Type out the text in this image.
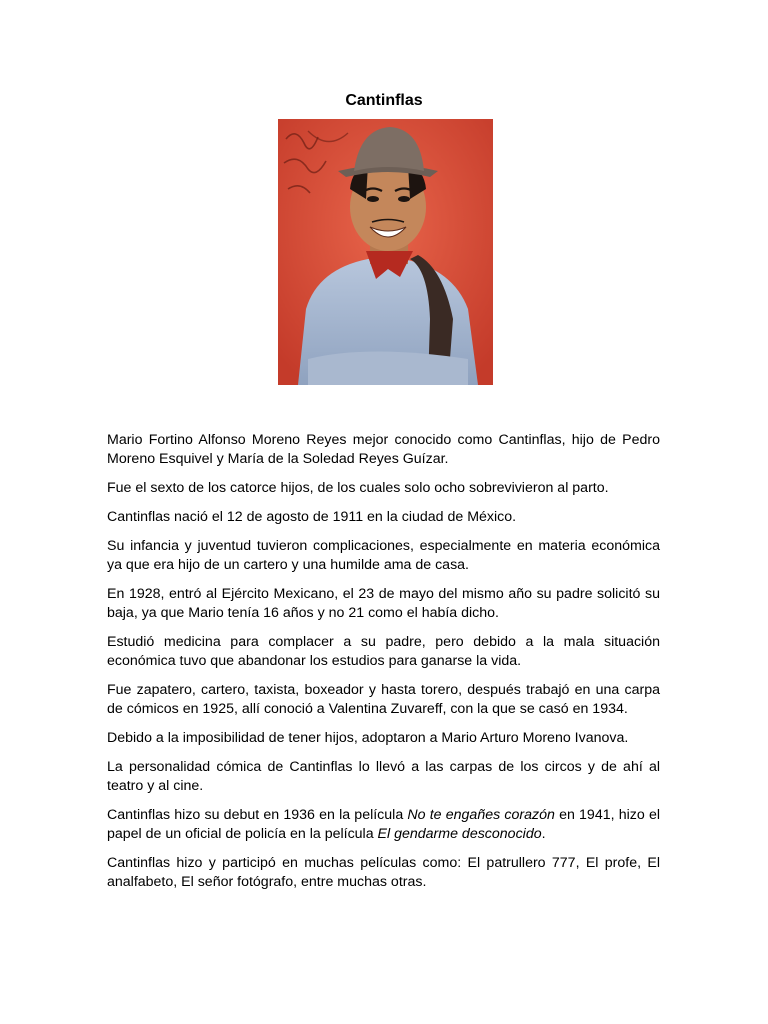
Cantinflas

Mario Fortino Alfonso Moreno Reyes mejor conocido como Cantinflas, hijo de Pedro Moreno Esquivel y María de la Soledad Reyes Guízar.

Fue el sexto de los catorce hijos, de los cuales solo ocho sobrevivieron al parto.

Cantinflas nació el 12 de agosto de 1911 en la ciudad de México.

Su infancia y juventud tuvieron complicaciones, especialmente en materia económica ya que era hijo de un cartero y una humilde ama de casa.

En 1928, entró al Ejército Mexicano, el 23 de mayo del mismo año su padre solicitó su baja, ya que Mario tenía 16 años y no 21 como el había dicho.

Estudió medicina para complacer a su padre, pero debido a la mala situación económica tuvo que abandonar los estudios para ganarse la vida.

Fue zapatero, cartero, taxista, boxeador y hasta torero, después trabajó en una carpa de cómicos en 1925, allí conoció a Valentina Zuvareff, con la que se casó en 1934.

Debido a la imposibilidad de tener hijos, adoptaron a Mario Arturo Moreno Ivanova.

La personalidad cómica de Cantinflas lo llevó a las carpas de los circos y de ahí al teatro y al cine.

Cantinflas hizo su debut en 1936 en la película No te engañes corazón en 1941, hizo el papel de un oficial de policía en la película El gendarme desconocido.

Cantinflas hizo y participó en muchas películas como: El patrullero 777, El profe, El analfabeto, El señor fotógrafo, entre muchas otras.
